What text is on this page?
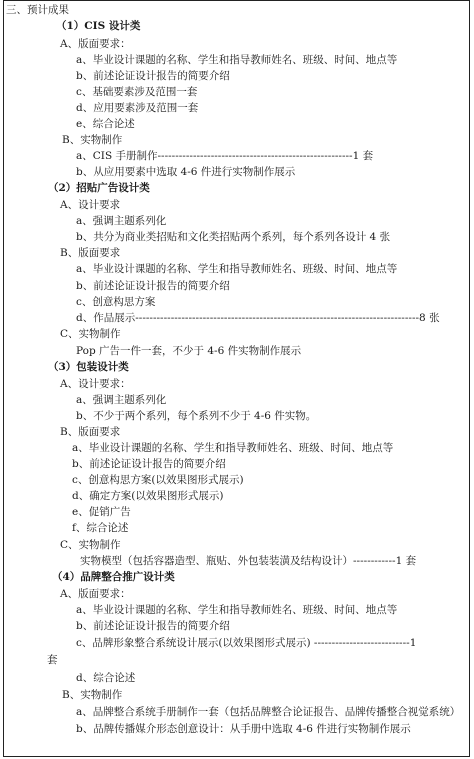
三、预计成果
（1）CIS 设计类
A、版面要求：
a、毕业设计课题的名称、学生和指导教师姓名、班级、时间、地点等
b、前述论证设计报告的简要介绍
c、基础要素涉及范围一套
d、应用要素涉及范围一套
e、综合论述
B、实物制作
a、CIS 手册制作-------------------------------------------------------1 套
b、从应用要素中选取 4-6 件进行实物制作展示
（2）招贴广告设计类
A、设计要求
a、强调主题系列化
b、共分为商业类招贴和文化类招贴两个系列，每个系列各设计 4 张
B、版面要求
a、毕业设计课题的名称、学生和指导教师姓名、班级、时间、地点等
b、前述论证设计报告的简要介绍
c、创意构思方案
d、作品展示--------------------------------------------------------------------------------8 张
C、实物制作
Pop 广告一件一套，不少于 4-6 件实物制作展示
（3）包装设计类
A、设计要求：
a、强调主题系列化
b、不少于两个系列，每个系列不少于 4-6 件实物。
B、版面要求
a、毕业设计课题的名称、学生和指导教师姓名、班级、时间、地点等
b、前述论证设计报告的简要介绍
c、创意构思方案(以效果图形式展示)
d、确定方案(以效果图形式展示)
e、促销广告
f、综合论述
C、实物制作
实物模型（包括容器造型、瓶贴、外包装装潢及结构设计）------------1 套
（4）品牌整合推广设计类
A、版面要求：
a、毕业设计课题的名称、学生和指导教师姓名、班级、时间、地点等
b、前述论证设计报告的简要介绍
c、品牌形象整合系统设计展示(以效果图形式展示) ---------------------------1
套
d、综合论述
B、实物制作
a、品牌整合系统手册制作一套（包括品牌整合论证报告、品牌传播整合视觉系统）
b、品牌传播媒介形态创意设计：从手册中选取 4-6 件进行实物制作展示
